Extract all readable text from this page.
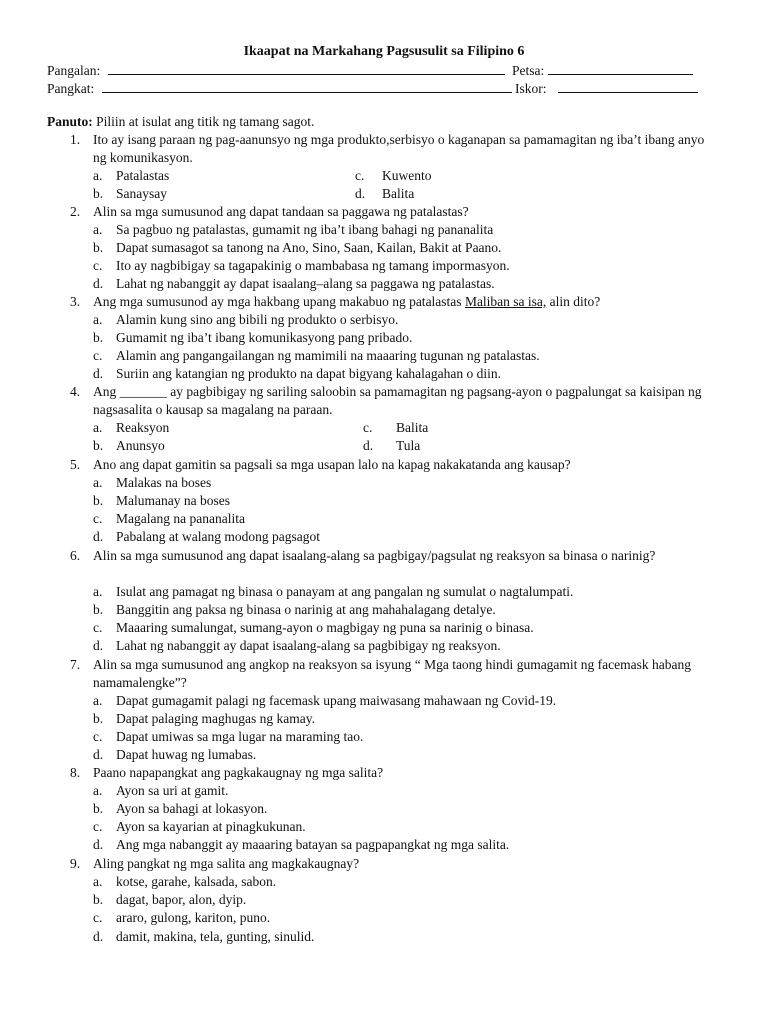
Ikaapat na Markahang Pagsusulit sa Filipino 6
Pangalan:	Petsa:
Pangkat:	Iskor:
Panuto: Piliin at isulat ang titik ng tamang sagot.
1. Ito ay isang paraan ng pag-aanunsyo ng mga produkto,serbisyo o kaganapan sa pamamagitan ng iba’t ibang anyo ng komunikasyon.
a. Patalastas	c. Kuwento
b. Sanaysay	d. Balita
2. Alin sa mga sumusunod ang dapat tandaan sa paggawa ng patalastas?
a. Sa pagbuo ng patalastas, gumamit ng iba’t ibang bahagi ng pananalita
b. Dapat sumasagot sa tanong na Ano, Sino, Saan, Kailan, Bakit at Paano.
c. Ito ay nagbibigay sa tagapakinig o mambabasa ng tamang impormasyon.
d. Lahat ng nabanggit ay dapat isaalang–alang sa paggawa ng patalastas.
3. Ang mga sumusunod ay mga hakbang upang makabuo ng patalastas Maliban sa isa, alin dito?
a. Alamin kung sino ang bibili ng produkto o serbisyo.
b. Gumamit ng iba’t ibang komunikasyong pang pribado.
c. Alamin ang pangangailangan ng mamimili na maaaring tugunan ng patalastas.
d. Suriin ang katangian ng produkto na dapat bigyang kahalagahan o diin.
4. Ang _______ ay pagbibigay ng sariling saloobin sa pamamagitan ng pagsang-ayon o pagpalungat sa kaisipan ng nagsasalita o kausap sa magalang na paraan.
a. Reaksyon	c. Balita
b. Anunsyo	d. Tula
5. Ano ang dapat gamitin sa pagsali sa mga usapan lalo na kapag nakakatanda ang kausap?
a. Malakas na boses
b. Malumanay na boses
c. Magalang na pananalita
d. Pabalang at walang modong pagsagot
6. Alin sa mga sumusunod ang dapat isaalang-alang sa pagbigay/pagsulat ng reaksyon sa binasa o narinig?
a. Isulat ang pamagat ng binasa o panayam at ang pangalan ng sumulat o nagtalumpati.
b. Banggitin ang paksa ng binasa o narinig at ang mahahalagang detalye.
c. Maaaring sumalungat, sumang-ayon o magbigay ng puna sa narinig o binasa.
d. Lahat ng nabanggit ay dapat isaalang-alang sa pagbibigay ng reaksyon.
7. Alin sa mga sumusunod ang angkop na reaksyon sa isyung “ Mga taong hindi gumagamit ng facemask habang namamalengke”?
a. Dapat gumagamit palagi ng facemask upang maiwasang mahawaan ng Covid-19.
b. Dapat palaging maghugas ng kamay.
c. Dapat umiwas sa mga lugar na maraming tao.
d. Dapat huwag ng lumabas.
8. Paano napapangkat ang pagkakaugnay ng mga salita?
a. Ayon sa uri at gamit.
b. Ayon sa bahagi at lokasyon.
c. Ayon sa kayarian at pinagkukunan.
d. Ang mga nabanggit ay maaaring batayan sa pagpapangkat ng mga salita.
9. Aling pangkat ng mga salita ang magkakaugnay?
a. kotse, garahe, kalsada, sabon.
b. dagat, bapor, alon, dyip.
c. araro, gulong, kariton, puno.
d. damit, makina, tela, gunting, sinulid.
